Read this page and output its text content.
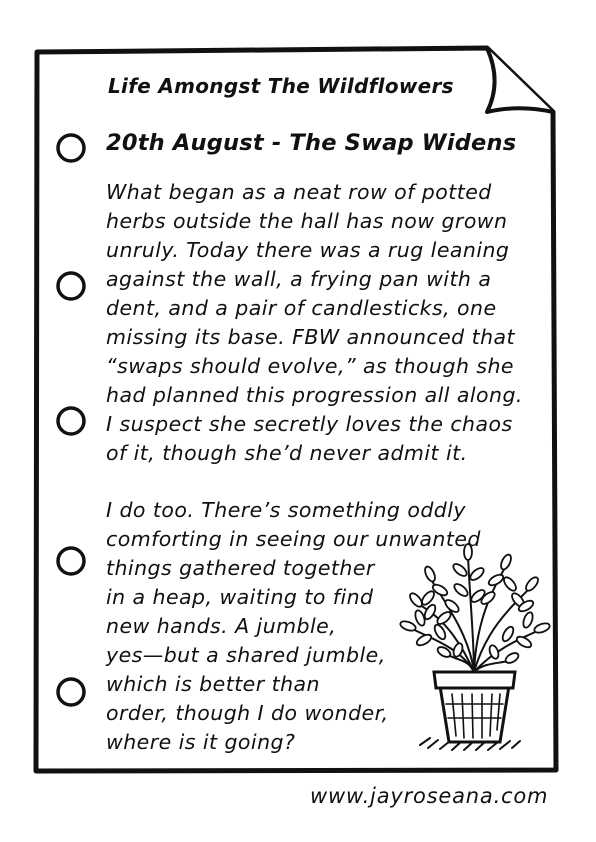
Life Amongst The Wildflowers
20th August - The Swap Widens

What began as a neat row of potted

herbs outside the hall has now grown

unruly. Today there was a rug leaning

against the wall, a frying pan with a

dent, and a pair of candlesticks, one

missing its base. FBW announced that

“swaps should evolve,” as though she

had planned this progression all along.

I suspect she secretly loves the chaos

of it, though she’d never admit it.

I do too. There’s something oddly

comforting in seeing our unwanted

things gathered together

in a heap, waiting to find

new hands. A jumble,

yes—but a shared jumble,

which is better than

order, though I do wonder,

where is it going?

www.jayroseana.com
